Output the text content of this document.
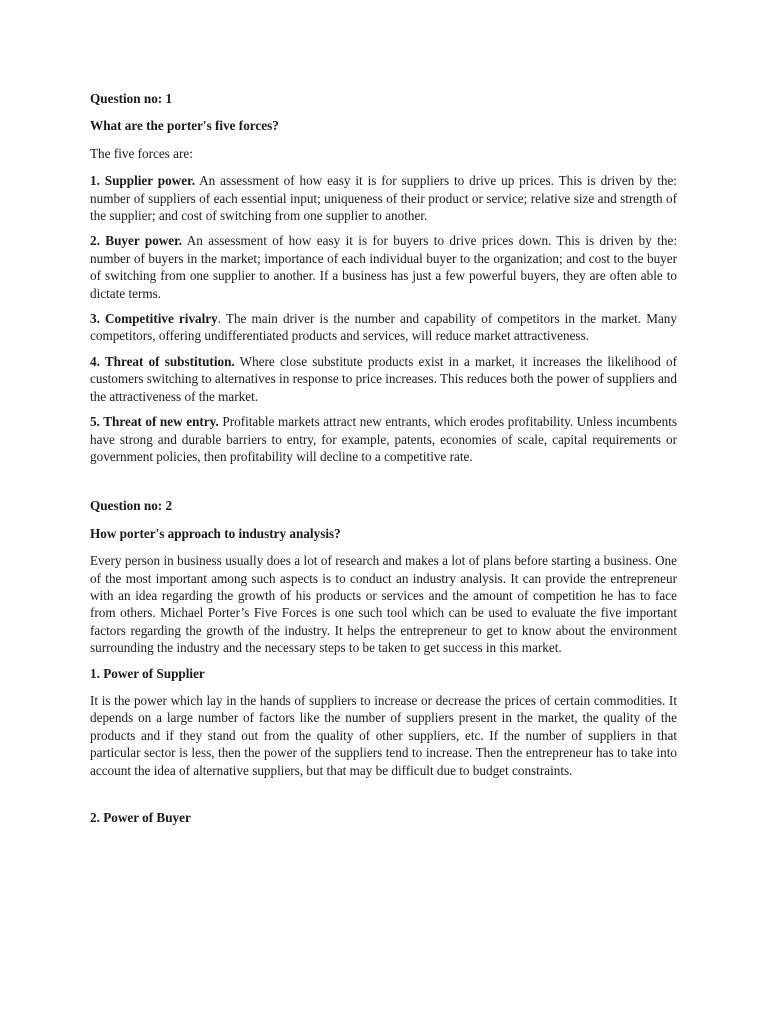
Question no: 1
What are the porter's five forces?

The five forces are:

1. Supplier power. An assessment of how easy it is for suppliers to drive up prices. This is driven by the: number of suppliers of each essential input; uniqueness of their product or service; relative size and strength of the supplier; and cost of switching from one supplier to another.

2. Buyer power. An assessment of how easy it is for buyers to drive prices down. This is driven by the: number of buyers in the market; importance of each individual buyer to the organization; and cost to the buyer of switching from one supplier to another. If a business has just a few powerful buyers, they are often able to dictate terms.

3. Competitive rivalry. The main driver is the number and capability of competitors in the market. Many competitors, offering undifferentiated products and services, will reduce market attractiveness.

4. Threat of substitution. Where close substitute products exist in a market, it increases the likelihood of customers switching to alternatives in response to price increases. This reduces both the power of suppliers and the attractiveness of the market.

5. Threat of new entry. Profitable markets attract new entrants, which erodes profitability. Unless incumbents have strong and durable barriers to entry, for example, patents, economies of scale, capital requirements or government policies, then profitability will decline to a competitive rate.

Question no: 2
How porter's approach to industry analysis?

Every person in business usually does a lot of research and makes a lot of plans before starting a business. One of the most important among such aspects is to conduct an industry analysis. It can provide the entrepreneur with an idea regarding the growth of his products or services and the amount of competition he has to face from others. Michael Porter’s Five Forces is one such tool which can be used to evaluate the five important factors regarding the growth of the industry. It helps the entrepreneur to get to know about the environment surrounding the industry and the necessary steps to be taken to get success in this market.

1. Power of Supplier

It is the power which lay in the hands of suppliers to increase or decrease the prices of certain commodities. It depends on a large number of factors like the number of suppliers present in the market, the quality of the products and if they stand out from the quality of other suppliers, etc. If the number of suppliers in that particular sector is less, then the power of the suppliers tend to increase. Then the entrepreneur has to take into account the idea of alternative suppliers, but that may be difficult due to budget constraints.

2. Power of Buyer
